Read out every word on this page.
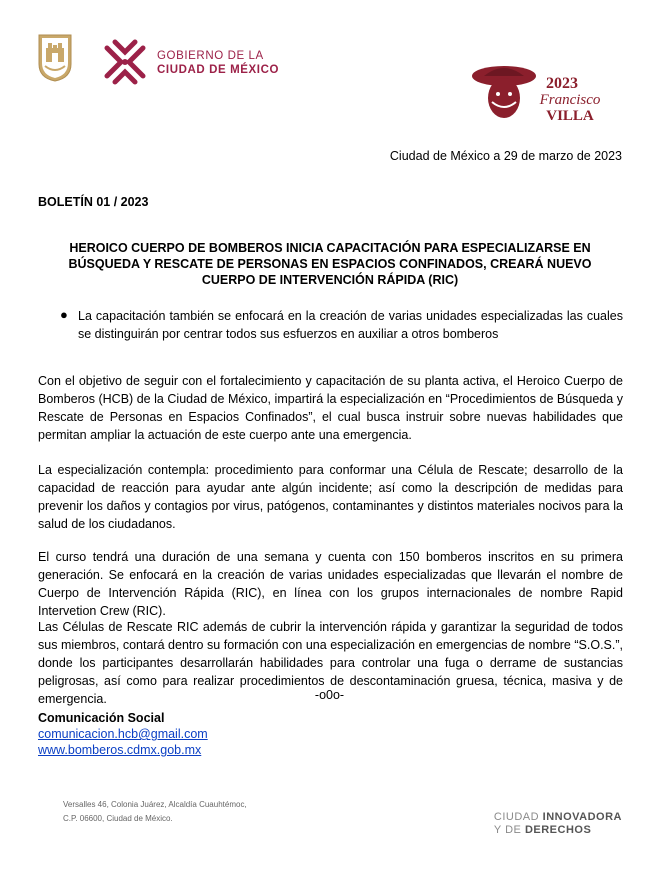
GOBIERNO DE LA
CIUDAD DE MÉXICO
2023
Francisco
VILLA
Ciudad de México a 29 de marzo de 2023
BOLETÍN 01 / 2023
HEROICO CUERPO DE BOMBEROS INICIA CAPACITACIÓN PARA ESPECIALIZARSE EN BÚSQUEDA Y RESCATE DE PERSONAS EN ESPACIOS CONFINADOS, CREARÁ NUEVO CUERPO DE INTERVENCIÓN RÁPIDA (RIC)
● La capacitación también se enfocará en la creación de varias unidades especializadas las cuales se distinguirán por centrar todos sus esfuerzos en auxiliar a otros bomberos

Con el objetivo de seguir con el fortalecimiento y capacitación de su planta activa, el Heroico Cuerpo de Bomberos (HCB) de la Ciudad de México, impartirá la especialización en “Procedimientos de Búsqueda y Rescate de Personas en Espacios Confinados”, el cual busca instruir sobre nuevas habilidades que permitan ampliar la actuación de este cuerpo ante una emergencia.

La especialización contempla: procedimiento para conformar una Célula de Rescate; desarrollo de la capacidad de reacción para ayudar ante algún incidente; así como la descripción de medidas para prevenir los daños y contagios por virus, patógenos, contaminantes y distintos materiales nocivos para la salud de los ciudadanos.

El curso tendrá una duración de una semana y cuenta con 150 bomberos inscritos en su primera generación. Se enfocará en la creación de varias unidades especializadas que llevarán el nombre de Cuerpo de Intervención Rápida (RIC), en línea con los grupos internacionales de nombre Rapid Intervetion Crew (RIC).

Las Células de Rescate RIC además de cubrir la intervención rápida y garantizar la seguridad de todos sus miembros, contará dentro su formación con una especialización en emergencias de nombre “S.O.S.”, donde los participantes desarrollarán habilidades para controlar una fuga o derrame de sustancias peligrosas, así como para realizar procedimientos de descontaminación gruesa, técnica, masiva y de emergencia.	-o0o-
Comunicación Social
comunicacion.hcb@gmail.com
www.bomberos.cdmx.gob.mx
Versalles 46, Colonia Juárez, Alcaldía Cuauhtémoc,
C.P. 06600, Ciudad de México.	CIUDAD INNOVADORA
Y DE DERECHOS
